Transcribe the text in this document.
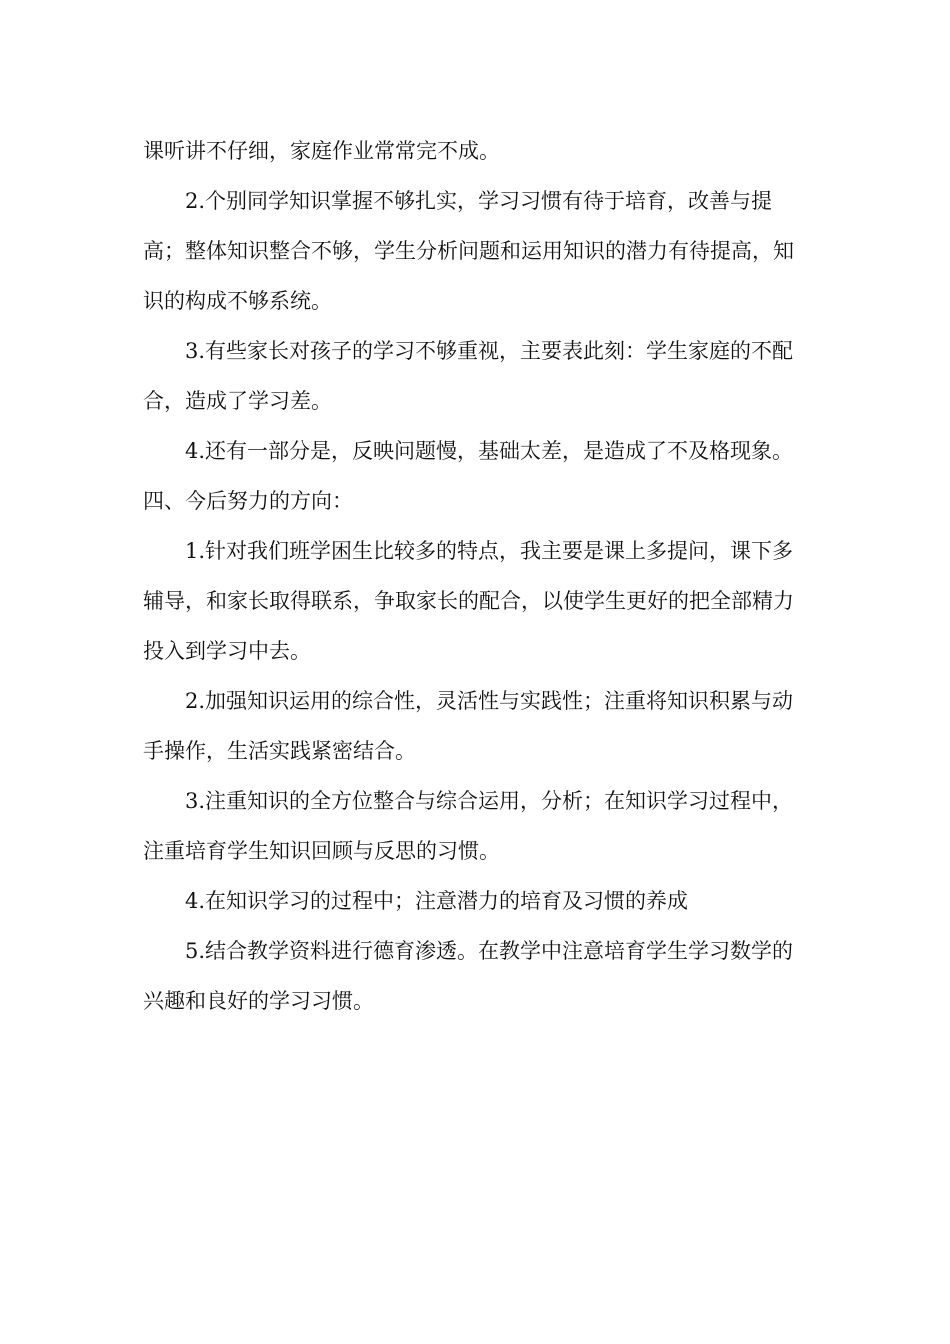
课听讲不仔细，家庭作业常常完不成。

2.个别同学知识掌握不够扎实，学习习惯有待于培育，改善与提高；整体知识整合不够，学生分析问题和运用知识的潜力有待提高，知识的构成不够系统。

3.有些家长对孩子的学习不够重视，主要表此刻：学生家庭的不配合，造成了学习差。

4.还有一部分是，反映问题慢，基础太差，是造成了不及格现象。四、今后努力的方向：

1.针对我们班学困生比较多的特点，我主要是课上多提问，课下多辅导，和家长取得联系，争取家长的配合，以使学生更好的把全部精力投入到学习中去。

2.加强知识运用的综合性，灵活性与实践性；注重将知识积累与动手操作，生活实践紧密结合。

3.注重知识的全方位整合与综合运用，分析；在知识学习过程中，注重培育学生知识回顾与反思的习惯。

4.在知识学习的过程中；注意潜力的培育及习惯的养成

5.结合教学资料进行德育渗透。在教学中注意培育学生学习数学的兴趣和良好的学习习惯。
